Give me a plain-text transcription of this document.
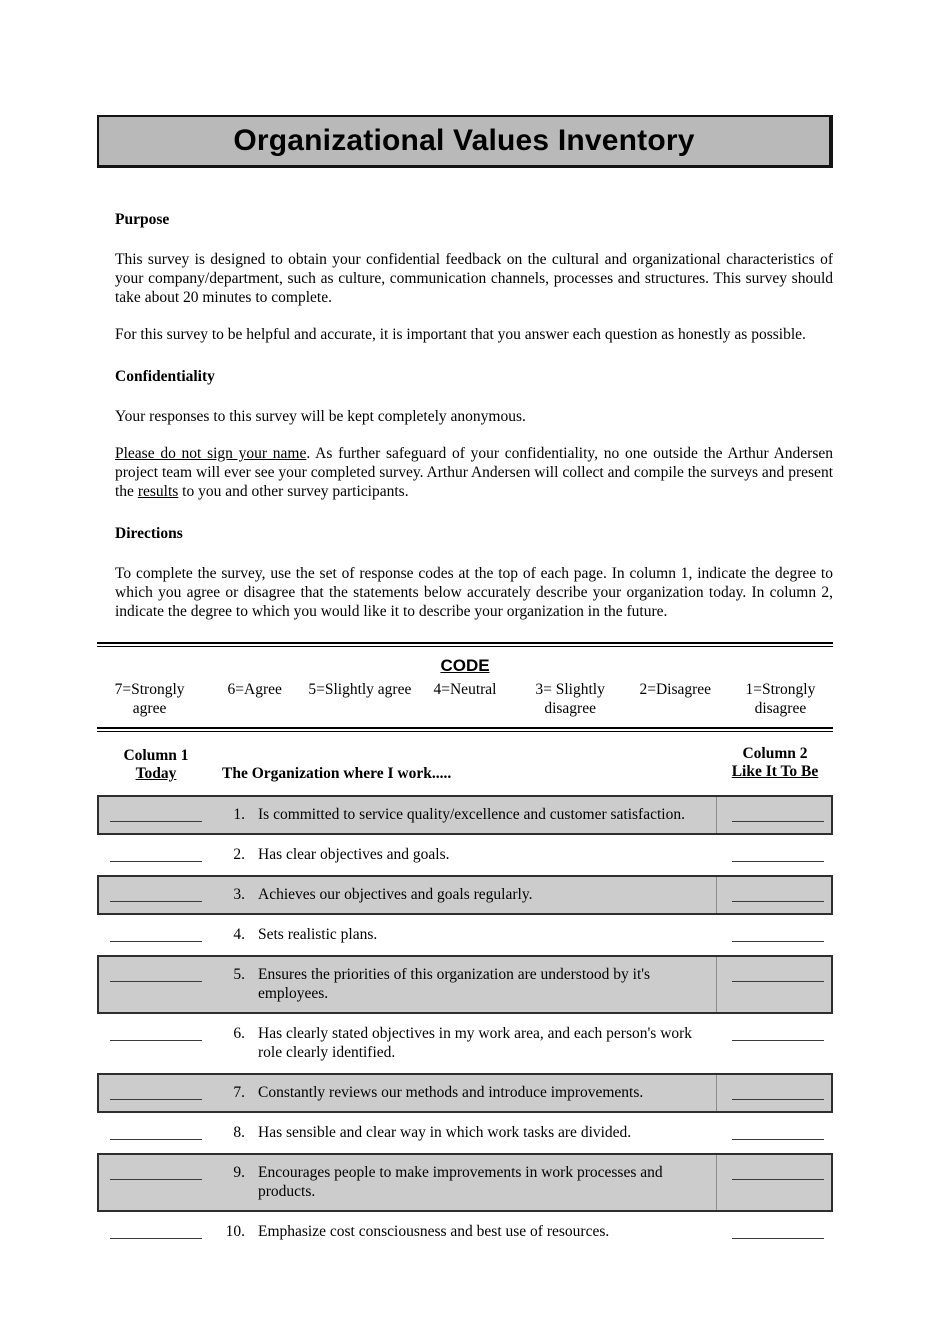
Organizational Values Inventory
Purpose

This survey is designed to obtain your confidential feedback on the cultural and organizational characteristics of your company/department, such as culture, communication channels, processes and structures. This survey should take about 20 minutes to complete.

For this survey to be helpful and accurate, it is important that you answer each question as honestly as possible.

Confidentiality

Your responses to this survey will be kept completely anonymous.

Please do not sign your name. As further safeguard of your confidentiality, no one outside the Arthur Andersen project team will ever see your completed survey. Arthur Andersen will collect and compile the surveys and present the results to you and other survey participants.

Directions

To complete the survey, use the set of response codes at the top of each page. In column 1, indicate the degree to which you agree or disagree that the statements below accurately describe your organization today. In column 2, indicate the degree to which you would like it to describe your organization in the future.

CODE
7=Strongly agree
6=Agree	5=Slightly agree	4=Neutral	3= Slightly disagree
2=Disagree	1=Strongly disagree
Column 1
Today	The Organization where I work.....
Column 2
Like It To Be
1. Is committed to service quality/excellence and customer satisfaction.
2. Has clear objectives and goals.
3. Achieves our objectives and goals regularly.
4. Sets realistic plans.
5. Ensures the priorities of this organization are understood by it's employees.
6. Has clearly stated objectives in my work area, and each person's work role clearly identified.
7. Constantly reviews our methods and introduce improvements.
8. Has sensible and clear way in which work tasks are divided.
9. Encourages people to make improvements in work processes and products.
10. Emphasize cost consciousness and best use of resources.
